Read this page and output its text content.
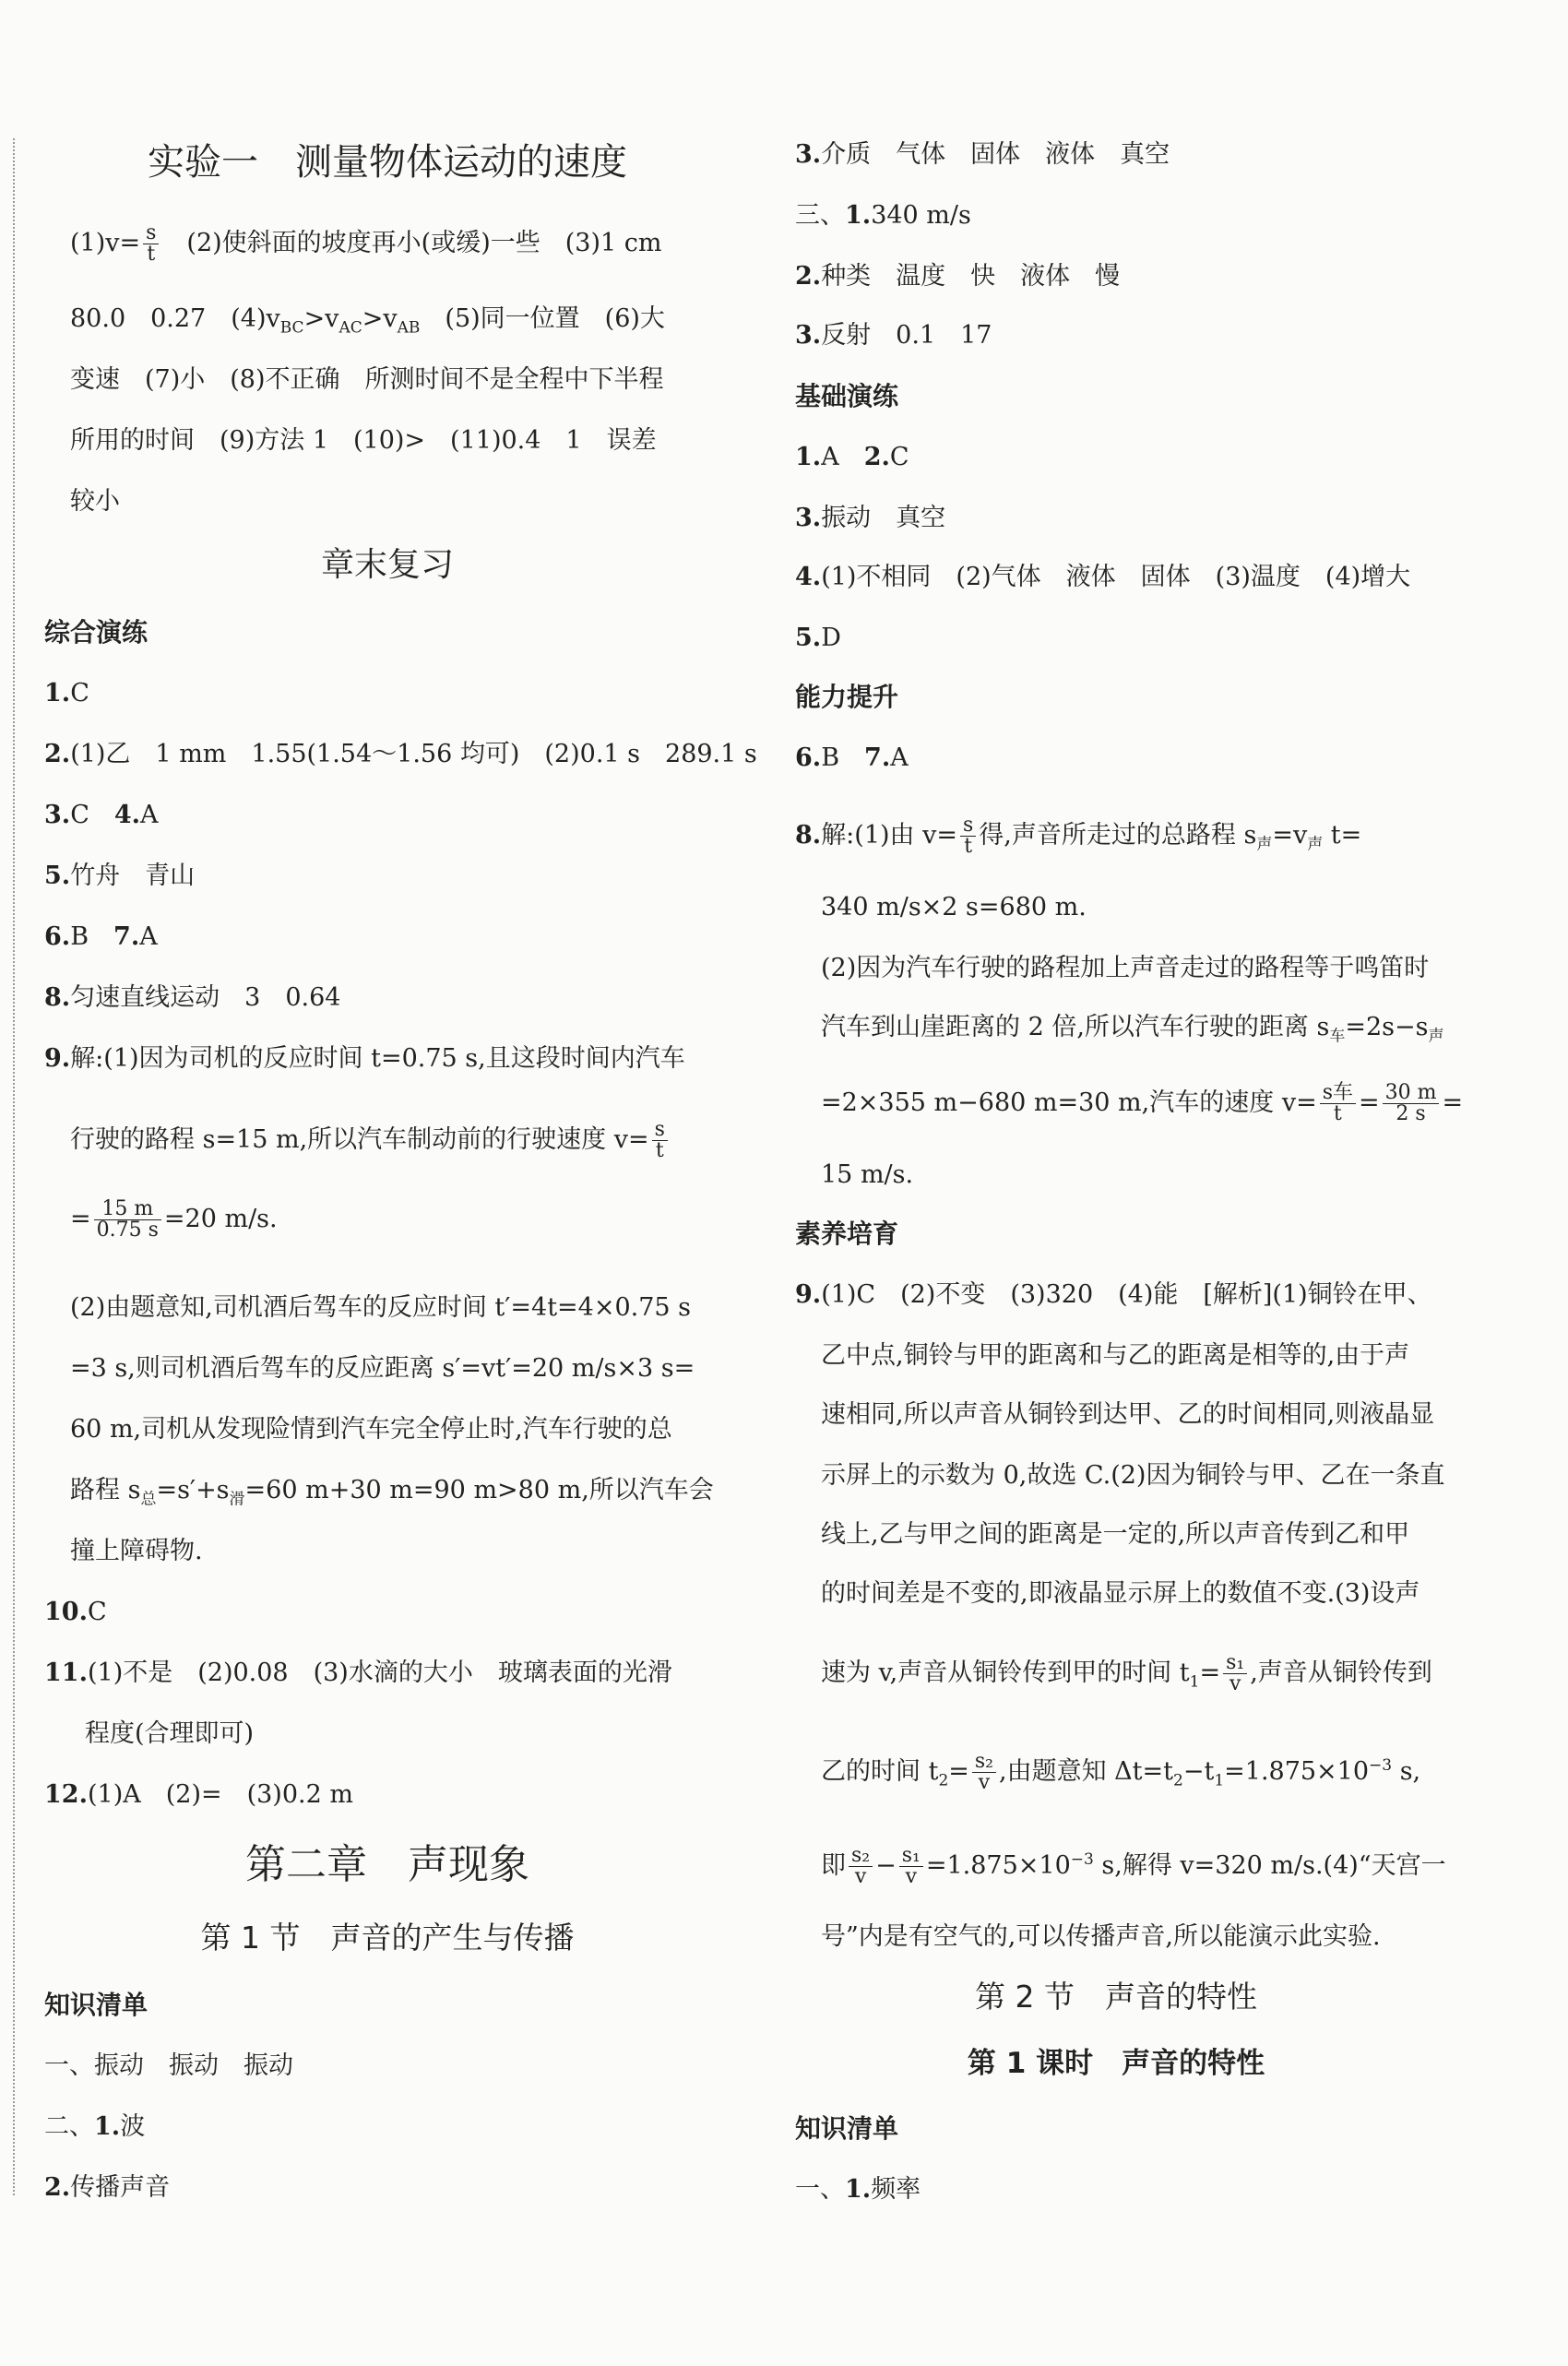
实验一　测量物体运动的速度
$(1)v= \frac{s}{t}$ 　(2)使斜面的坡度再小(或缓)一些　(3)1 cm
80.0　0.27　$(4)v_{BC}>v_{AC}>v_{AB}$　(5)同一位置　(6)大
变速　(7)小　(8)不正确　所测时间不是全程中下半程
所用的时间　(9)方法 1　(10)>　(11)0.4　1　误差
较小
章末复习
综合演练
1.C
2.(1)乙　1 mm　1.55(1.54～1.56 均可)　(2)0.1 s　289.1 s
3.C　4.A
5.竹舟　青山
6.B　7.A
8.匀速直线运动　3　0.64
9.解:(1)因为司机的反应时间 t=0.75 s,且这段时间内汽车
行驶的路程 s=15 m,所以汽车制动前的行驶速度 $v= \frac{s}{t}$
= $\frac{15 m}{0.75 s} =20$ m/s.
(2)由题意知,司机酒后驾车的反应时间 t′=4t=4×0.75 s
=3 s,则司机酒后驾车的反应距离 s′=vt′=20 m/s×3 s=
60 m,司机从发现险情到汽车完全停止时,汽车行驶的总
路程 $s_总=s'+s_滑=60$ m+30 m=90 m>80 m,所以汽车会
撞上障碍物.
10.C
11.(1)不是　(2)0.08　(3)水滴的大小　玻璃表面的光滑
程度(合理即可)
12.(1)A　(2)=　(3)0.2 m
第二章　声现象
第 1 节　声音的产生与传播
知识清单
一、振动　振动　振动
二、1.波
2.传播声音
3.介质　气体　固体　液体　真空
三、1.340 m/s
2.种类　温度　快　液体　慢
3.反射　0.1　17
基础演练
1.A　2.C
3.振动　真空
4.(1)不相同　(2)气体　液体　固体　(3)温度　(4)增大
5.D
能力提升
6.B　7.A
8.解:(1)由 $v= \frac{s}{t}$ 得,声音所走过的总路程 $s_声=v_声$ t=
340 m/s×2 s=680 m.
(2)因为汽车行驶的路程加上声音走过的路程等于鸣笛时
汽车到山崖距离的 2 倍,所以汽车行驶的距离 $s_车=2s-s_声$
=2×355 m−680 m=30 m,汽车的速度 $v= \frac{\text{s车}}{t} = \frac{30 m}{2 s}$ =
15 m/s.
素养培育
9.(1)C　(2)不变　(3)320　(4)能　[解析](1)铜铃在甲、
乙中点,铜铃与甲的距离和与乙的距离是相等的,由于声
速相同,所以声音从铜铃到达甲、乙的时间相同,则液晶显
示屏上的示数为 0,故选 C.(2)因为铜铃与甲、乙在一条直
线上,乙与甲之间的距离是一定的,所以声音传到乙和甲
的时间差是不变的,即液晶显示屏上的数值不变.(3)设声
速为 v,声音从铜铃传到甲的时间 $t_1= \frac{\text{s₁}}{v}$ ,声音从铜铃传到
乙的时间 $t_2= \frac{\text{s₂}}{v}$ ,由题意知 $\Delta t=t_2-t_1=1.875\times 10^{-3}$ s,
即 $\frac{\text{s₂}}{v} - \frac{\text{s₁}}{v} =1.875\times 10^{-3}$ s,解得 v=320 m/s.(4)“天宫一
号”内是有空气的,可以传播声音,所以能演示此实验.
第 2 节　声音的特性
第 1 课时　声音的特性
知识清单
一、1.频率
